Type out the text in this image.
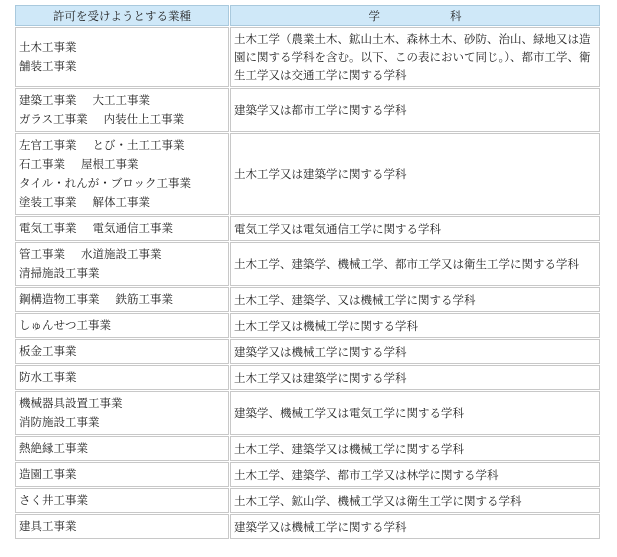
許可を受けようとする業種	学 科

土木工事業
舗装工事業	土木工学（農業土木、鉱山土木、森林土木、砂防、治山、緑地又は造園に関する学科を含む。以下、この表において同じ。）、都市工学、衛生工学又は交通工学に関する学科

建築工事業 大工工事業
ガラス工事業 内装仕上工事業	建築学又は都市工学に関する学科

左官工事業 とび・土工工事業
石工事業 屋根工事業
タイル・れんが・ブロック工事業
塗装工事業 解体工事業	土木工学又は建築学に関する学科

電気工事業 電気通信工事業	電気工学又は電気通信工学に関する学科

管工事業 水道施設工事業
清掃施設工事業	土木工学、建築学、機械工学、都市工学又は衛生工学に関する学科

鋼構造物工事業 鉄筋工事業	土木工学、建築学、又は機械工学に関する学科

しゅんせつ工事業	土木工学又は機械工学に関する学科

板金工事業	建築学又は機械工学に関する学科

防水工事業	土木工学又は建築学に関する学科

機械器具設置工事業
消防施設工事業	建築学、機械工学又は電気工学に関する学科

熱絶縁工事業	土木工学、建築学又は機械工学に関する学科

造園工事業	土木工学、建築学、都市工学又は林学に関する学科

さく井工事業	土木工学、鉱山学、機械工学又は衛生工学に関する学科

建具工事業	建築学又は機械工学に関する学科
